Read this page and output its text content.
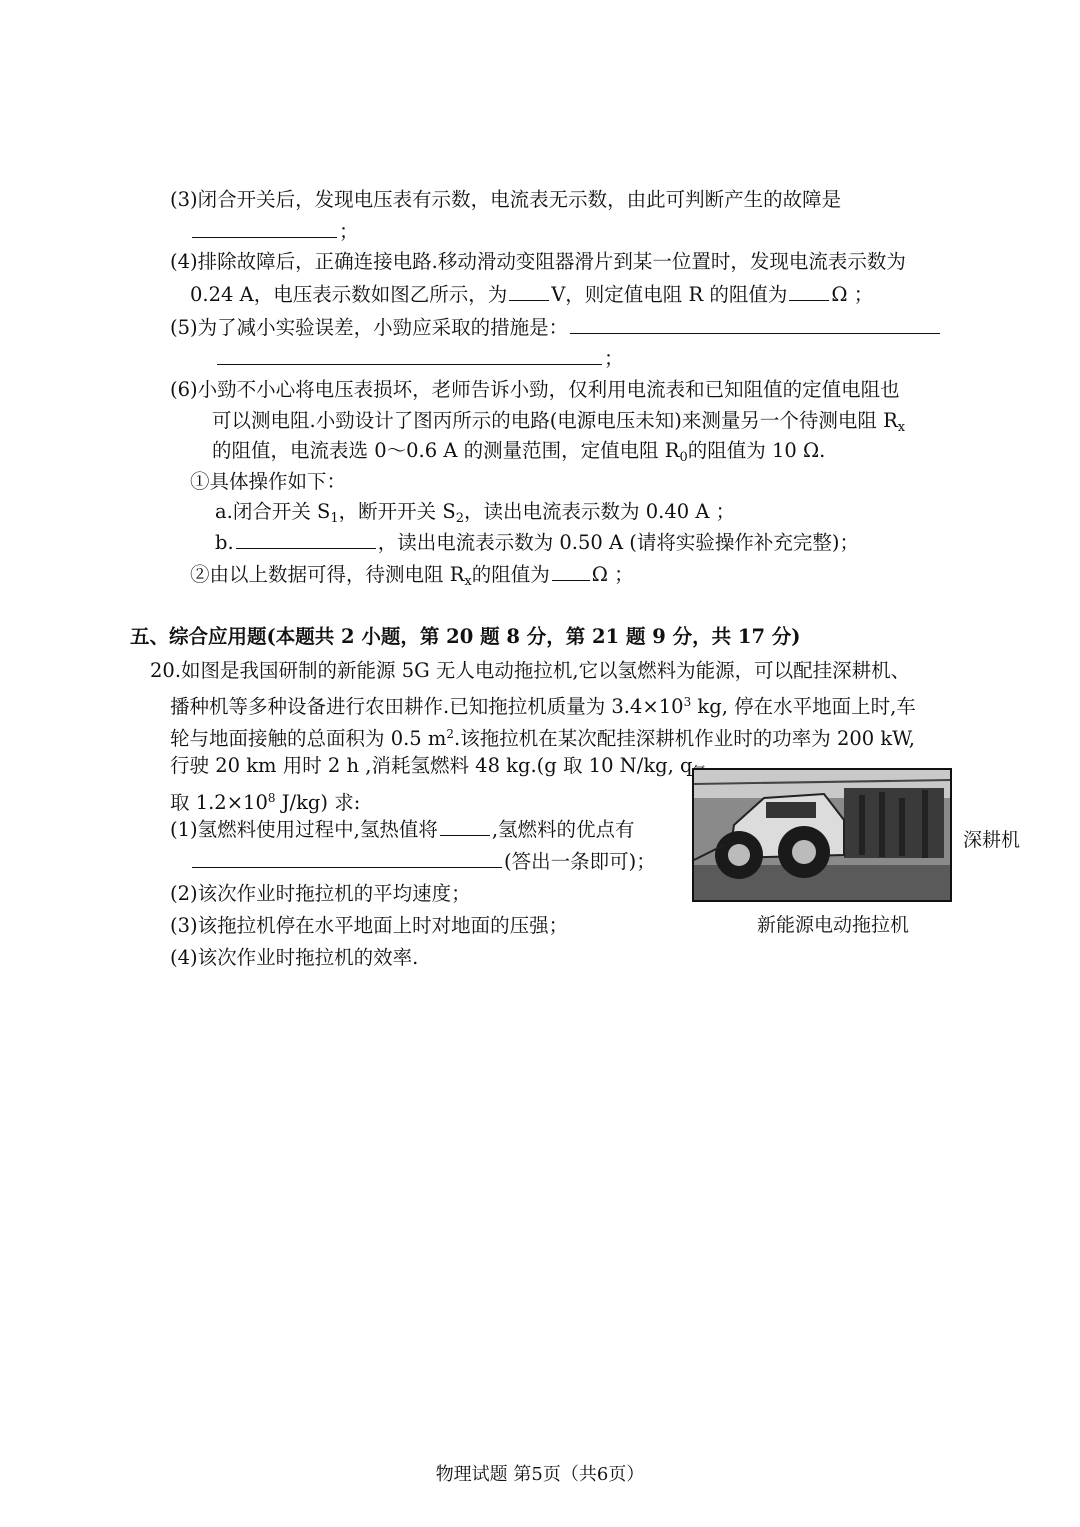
(3)闭合开关后，发现电压表有示数，电流表无示数，由此可判断产生的故障是
；
(4)排除故障后，正确连接电路.移动滑动变阻器滑片到某一位置时，发现电流表示数为
0.24 A，电压表示数如图乙所示，为 V，则定值电阻 R 的阻值为 Ω ；
(5)为了减小实验误差，小勁应采取的措施是：
；
(6)小勁不小心将电压表损坏，老师告诉小勁，仅利用电流表和已知阻值的定值电阻也
可以测电阻.小勁设计了图丙所示的电路(电源电压未知)来测量另一个待测电阻 $R_x$
的阻值，电流表选 0～0.6 A 的测量范围，定值电阻 $R_0$的阻值为 10 Ω.
①具体操作如下：
a.闭合开关 $S_1$，断开开关 $S_2$，读出电流表示数为 0.40 A ；
b.	，读出电流表示数为 0.50 A (请将实验操作补充完整)；
②由以上数据可得，待测电阻 $R_x$的阻值为 Ω ；
五、综合应用题(本题共 2 小题，第 20 题 8 分，第 21 题 9 分，共 17 分)
20.如图是我国研制的新能源 5G 无人电动拖拉机,它以氢燃料为能源，可以配挂深耕机、
播种机等多种设备进行农田耕作.已知拖拉机质量为 $3.4\times 10^3$ kg, 停在水平地面上时,车
轮与地面接触的总面积为 0.5 $m^2$.该拖拉机在某次配挂深耕机作业时的功率为 200 kW,
行驶 20 km 用时 2 h ,消耗氢燃料 48 kg.(g 取 10 N/kg, q
取 $1.2\times 10^8$ J/kg) 求:
(1)氢燃料使用过程中,氢热值将	,氢燃料的优点有
(答出一条即可)；
(2)该次作业时拖拉机的平均速度；
(3)该拖拉机停在水平地面上时对地面的压强；
(4)该次作业时拖拉机的效率.
深耕机
新能源电动拖拉机
物理试题 第5页（共6页）
